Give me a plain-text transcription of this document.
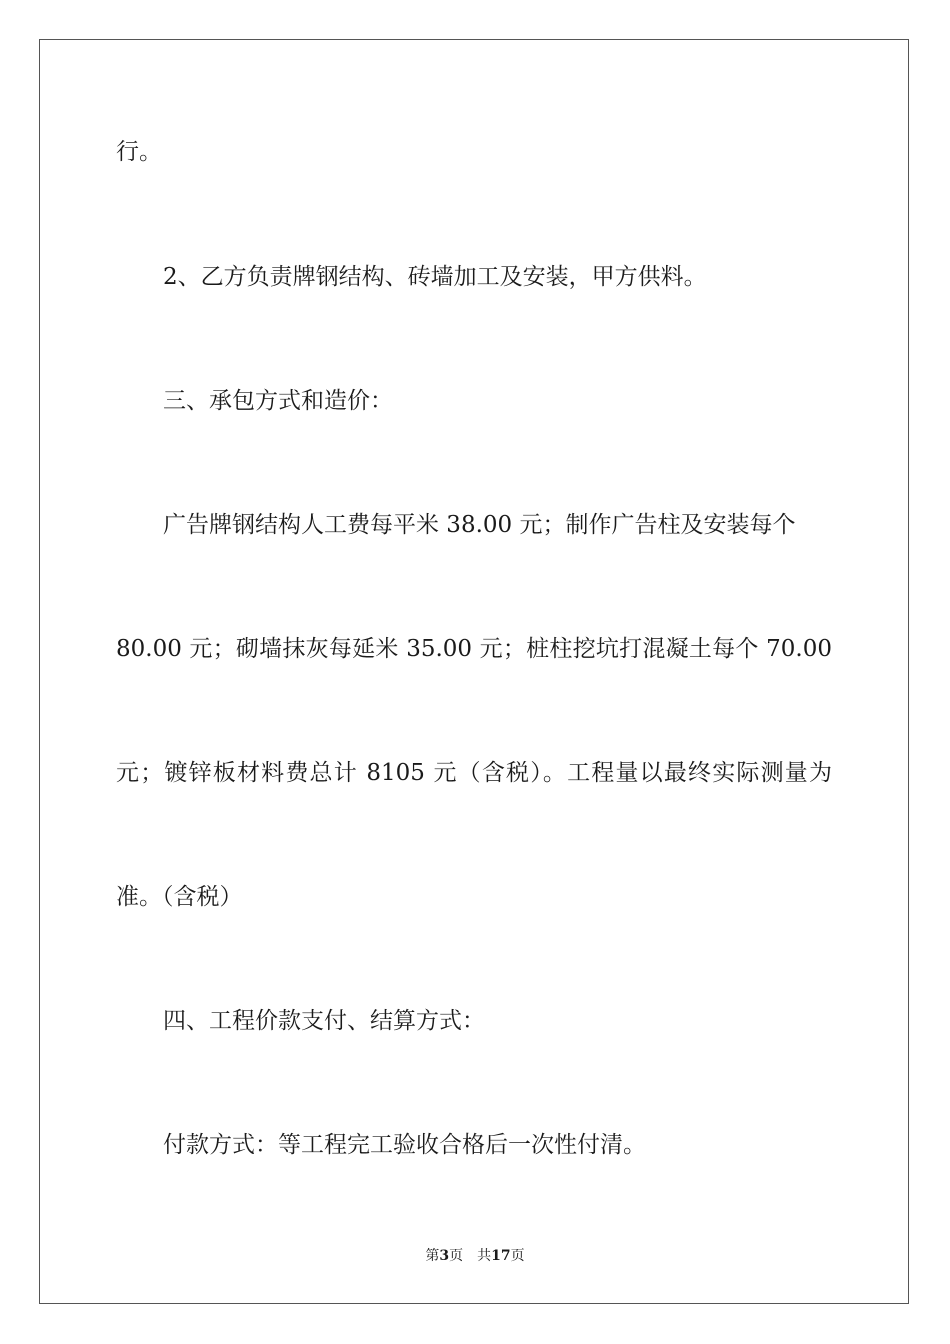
行。

2、乙方负责牌钢结构、砖墙加工及安装，甲方供料。

三、承包方式和造价：

广告牌钢结构人工费每平米 38.00 元；制作广告柱及安装每个

80.00 元；砌墙抹灰每延米 35.00 元；桩柱挖坑打混凝土每个 70.00

元；镀锌板材料费总计 8105 元（含税）。工程量以最终实际测量为

准。（含税）

四、工程价款支付、结算方式：

付款方式：等工程完工验收合格后一次性付清。

第3页 共17页
